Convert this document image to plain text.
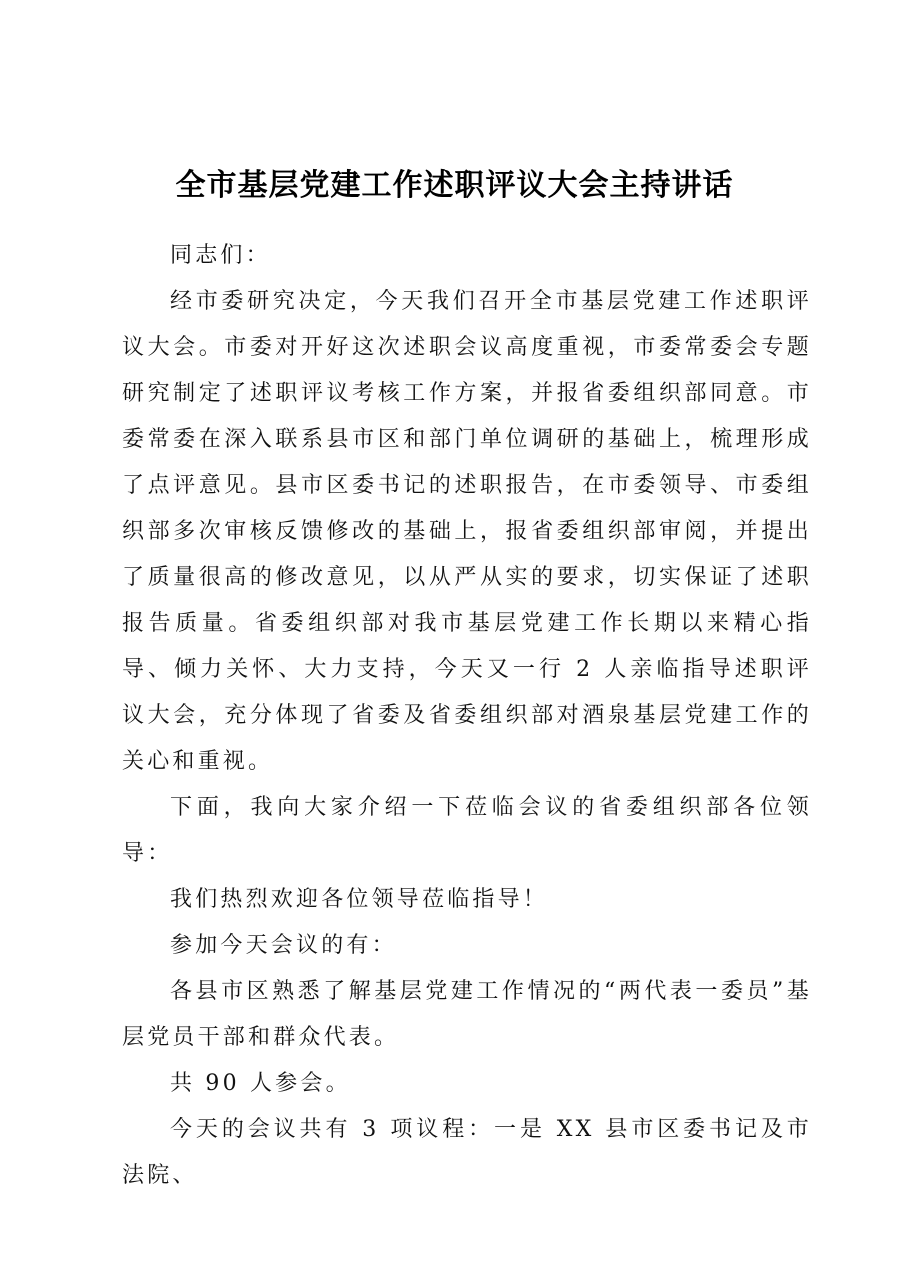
全市基层党建工作述职评议大会主持讲话

同志们：

经市委研究决定，今天我们召开全市基层党建工作述职评议大会。市委对开好这次述职会议高度重视，市委常委会专题研究制定了述职评议考核工作方案，并报省委组织部同意。市委常委在深入联系县市区和部门单位调研的基础上，梳理形成了点评意见。县市区委书记的述职报告，在市委领导、市委组织部多次审核反馈修改的基础上，报省委组织部审阅，并提出了质量很高的修改意见，以从严从实的要求，切实保证了述职报告质量。省委组织部对我市基层党建工作长期以来精心指导、倾力关怀、大力支持，今天又一行 2 人亲临指导述职评议大会，充分体现了省委及省委组织部对酒泉基层党建工作的关心和重视。

下面，我向大家介绍一下莅临会议的省委组织部各位领导：

我们热烈欢迎各位领导莅临指导！

参加今天会议的有：

各县市区熟悉了解基层党建工作情况的“两代表一委员”基层党员干部和群众代表。

共 90 人参会。

今天的会议共有 3 项议程：一是 XX 县市区委书记及市法院、
